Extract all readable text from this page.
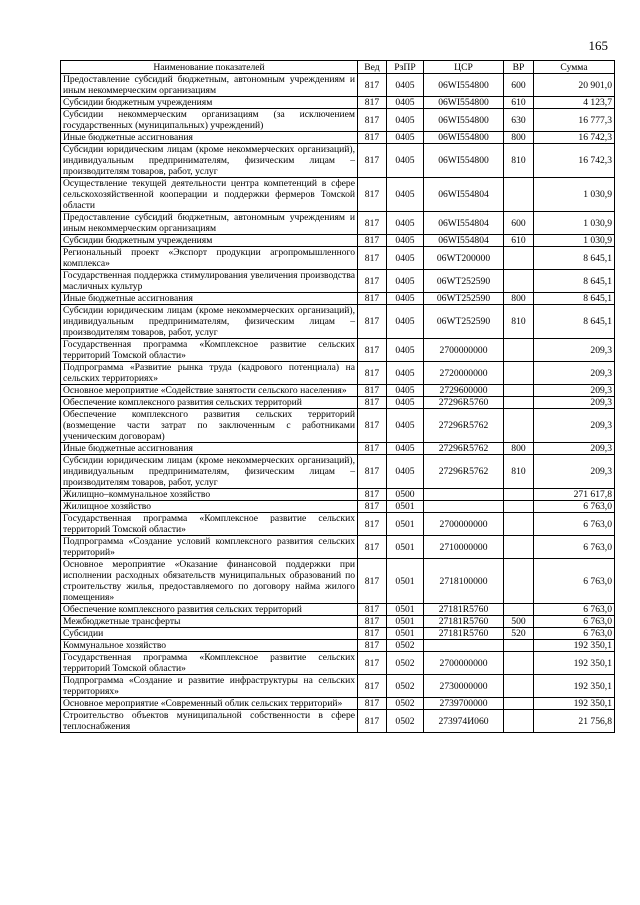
165
Наименование показателей	Вед	РзПР	ЦСР	ВР	Сумма
Предоставление субсидий бюджетным, автономным учреждениям и иным некоммерческим организациям	817	0405	06WI554800	600	20 901,0
Субсидии бюджетным учреждениям	817	0405	06WI554800	610	4 123,7
Субсидии некоммерческим организациям (за исключением государственных (муниципальных) учреждений)	817	0405	06WI554800	630	16 777,3
Иные бюджетные ассигнования	817	0405	06WI554800	800	16 742,3
Субсидии юридическим лицам (кроме некоммерческих организаций), индивидуальным предпринимателям, физическим лицам – производителям товаров, работ, услуг	817	0405	06WI554800	810	16 742,3
Осуществление текущей деятельности центра компетенций в сфере сельскохозяйственной кооперации и поддержки фермеров Томской области	817	0405	06WI554804		1 030,9
Предоставление субсидий бюджетным, автономным учреждениям и иным некоммерческим организациям	817	0405	06WI554804	600	1 030,9
Субсидии бюджетным учреждениям	817	0405	06WI554804	610	1 030,9
Региональный проект «Экспорт продукции агропромышленного комплекса»	817	0405	06WT200000		8 645,1
Государственная поддержка стимулирования увеличения производства масличных культур	817	0405	06WT252590		8 645,1
Иные бюджетные ассигнования	817	0405	06WT252590	800	8 645,1
Субсидии юридическим лицам (кроме некоммерческих организаций), индивидуальным предпринимателям, физическим лицам – производителям товаров, работ, услуг	817	0405	06WT252590	810	8 645,1
Государственная программа «Комплексное развитие сельских территорий Томской области»	817	0405	2700000000		209,3
Подпрограмма «Развитие рынка труда (кадрового потенциала) на сельских территориях»	817	0405	2720000000		209,3
Основное мероприятие «Содействие занятости сельского населения»	817	0405	2729600000		209,3
Обеспечение комплексного развития сельских территорий	817	0405	27296R5760		209,3
Обеспечение комплексного развития сельских территорий (возмещение части затрат по заключенным с работниками ученическим договорам)	817	0405	27296R5762		209,3
Иные бюджетные ассигнования	817	0405	27296R5762	800	209,3
Субсидии юридическим лицам (кроме некоммерческих организаций), индивидуальным предпринимателям, физическим лицам – производителям товаров, работ, услуг	817	0405	27296R5762	810	209,3
Жилищно–коммунальное хозяйство	817	0500			271 617,8
Жилищное хозяйство	817	0501			6 763,0
Государственная программа «Комплексное развитие сельских территорий Томской области»	817	0501	2700000000		6 763,0
Подпрограмма «Создание условий комплексного развития сельских территорий»	817	0501	2710000000		6 763,0
Основное мероприятие «Оказание финансовой поддержки при исполнении расходных обязательств муниципальных образований по строительству жилья, предоставляемого по договору найма жилого помещения»	817	0501	2718100000		6 763,0
Обеспечение комплексного развития сельских территорий	817	0501	27181R5760		6 763,0
Межбюджетные трансферты	817	0501	27181R5760	500	6 763,0
Субсидии	817	0501	27181R5760	520	6 763,0
Коммунальное хозяйство	817	0502			192 350,1
Государственная программа «Комплексное развитие сельских территорий Томской области»	817	0502	2700000000		192 350,1
Подпрограмма «Создание и развитие инфраструктуры на сельских территориях»	817	0502	2730000000		192 350,1
Основное мероприятие «Современный облик сельских территорий»	817	0502	2739700000		192 350,1
Строительство объектов муниципальной собственности в сфере теплоснабжения	817	0502	273974И060		21 756,8
